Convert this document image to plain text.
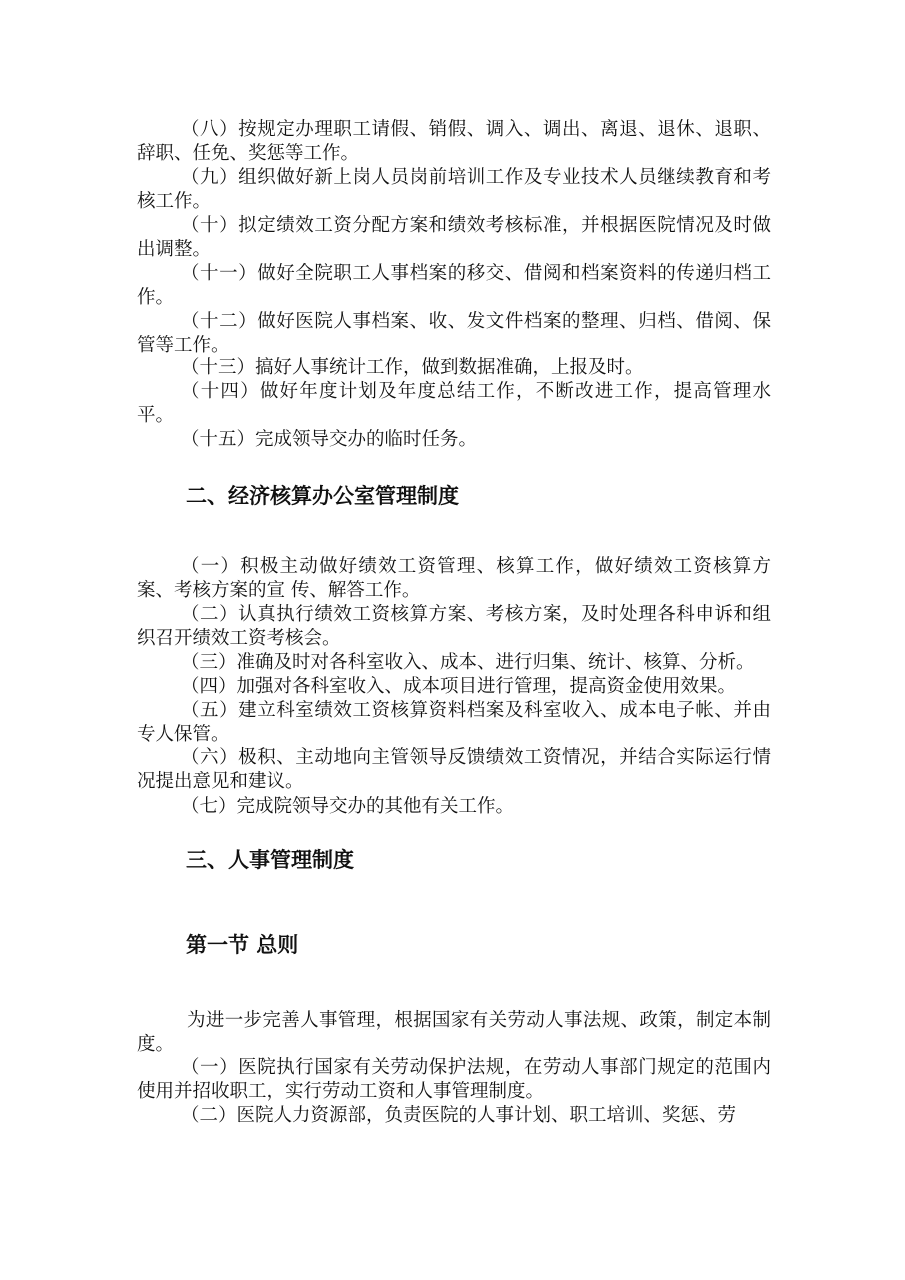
（八）按规定办理职工请假、销假、调入、调出、离退、退休、退职、辞职、任免、奖惩等工作。

（九）组织做好新上岗人员岗前培训工作及专业技术人员继续教育和考核工作。

（十）拟定绩效工资分配方案和绩效考核标准，并根据医院情况及时做出调整。

（十一）做好全院职工人事档案的移交、借阅和档案资料的传递归档工作。

（十二）做好医院人事档案、收、发文件档案的整理、归档、借阅、保管等工作。

（十三）搞好人事统计工作，做到数据准确，上报及时。

（十四）做好年度计划及年度总结工作，不断改进工作，提高管理水平。

（十五）完成领导交办的临时任务。

二、经济核算办公室管理制度

（一）积极主动做好绩效工资管理、核算工作，做好绩效工资核算方案、考核方案的宣 传、解答工作。

（二）认真执行绩效工资核算方案、考核方案，及时处理各科申诉和组织召开绩效工资考核会。

（三）准确及时对各科室收入、成本、进行归集、统计、核算、分析。

（四）加强对各科室收入、成本项目进行管理，提高资金使用效果。

（五）建立科室绩效工资核算资料档案及科室收入、成本电子帐、并由专人保管。

（六）极积、主动地向主管领导反馈绩效工资情况，并结合实际运行情况提出意见和建议。

（七）完成院领导交办的其他有关工作。

三、人事管理制度
第一节 总则

为进一步完善人事管理，根据国家有关劳动人事法规、政策，制定本制度。

（一）医院执行国家有关劳动保护法规，在劳动人事部门规定的范围内使用并招收职工，实行劳动工资和人事管理制度。

（二）医院人力资源部，负责医院的人事计划、职工培训、奖惩、劳
